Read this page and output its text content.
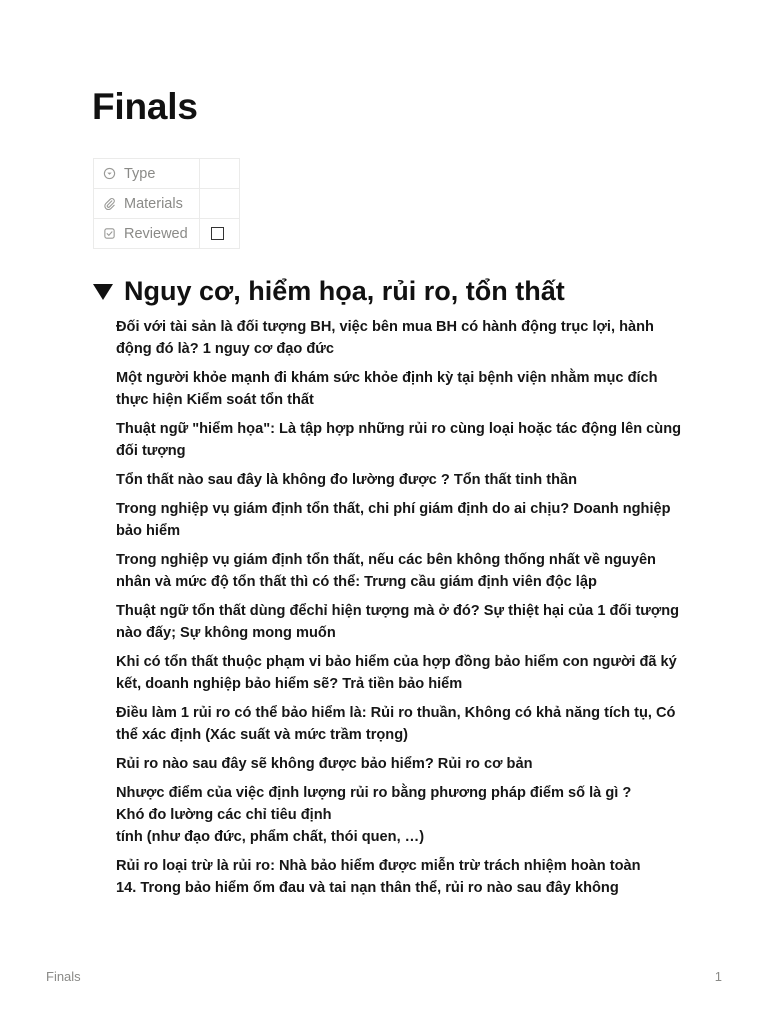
Finals
Type	

Materials	

Reviewed	

Nguy cơ, hiểm họa, rủi ro, tổn thất
Đối với tài sản là đối tượng BH, việc bên mua BH có hành động trục lợi, hành động đó là? 1 nguy cơ đạo đức
Một người khỏe mạnh đi khám sức khỏe định kỳ tại bệnh viện nhằm mục đích thực hiện Kiểm soát tổn thất
Thuật ngữ "hiểm họa": Là tập hợp những rủi ro cùng loại hoặc tác động lên cùng đối tượng
Tổn thất nào sau đây là không đo lường được ? Tổn thất tinh thần
Trong nghiệp vụ giám định tổn thất, chi phí giám định do ai chịu? Doanh nghiệp bảo hiểm
Trong nghiệp vụ giám định tổn thất, nếu các bên không thống nhất về nguyên nhân và mức độ tổn thất thì có thể: Trưng cầu giám định viên độc lập
Thuật ngữ tổn thất dùng đểchỉ hiện tượng mà ở đó? Sự thiệt hại của 1 đối tượng nào đấy; Sự không mong muốn
Khi có tổn thất thuộc phạm vi bảo hiểm của hợp đồng bảo hiểm con người đã ký kết, doanh nghiệp bảo hiểm sẽ? Trả tiền bảo hiểm
Điều làm 1 rủi ro có thể bảo hiểm là: Rủi ro thuần, Không có khả năng tích tụ, Có thể xác định (Xác suất và mức trầm trọng)
Rủi ro nào sau đây sẽ không được bảo hiểm? Rủi ro cơ bản
Nhược điểm của việc định lượng rủi ro bằng phương pháp điểm số là gì ?
Khó đo lường các chỉ tiêu định
tính (như đạo đức, phẩm chất, thói quen, …)
Rủi ro loại trừ là rủi ro: Nhà bảo hiểm được miễn trừ trách nhiệm hoàn toàn
14. Trong bảo hiểm ốm đau và tai nạn thân thể, rủi ro nào sau đây không
Finals	1
